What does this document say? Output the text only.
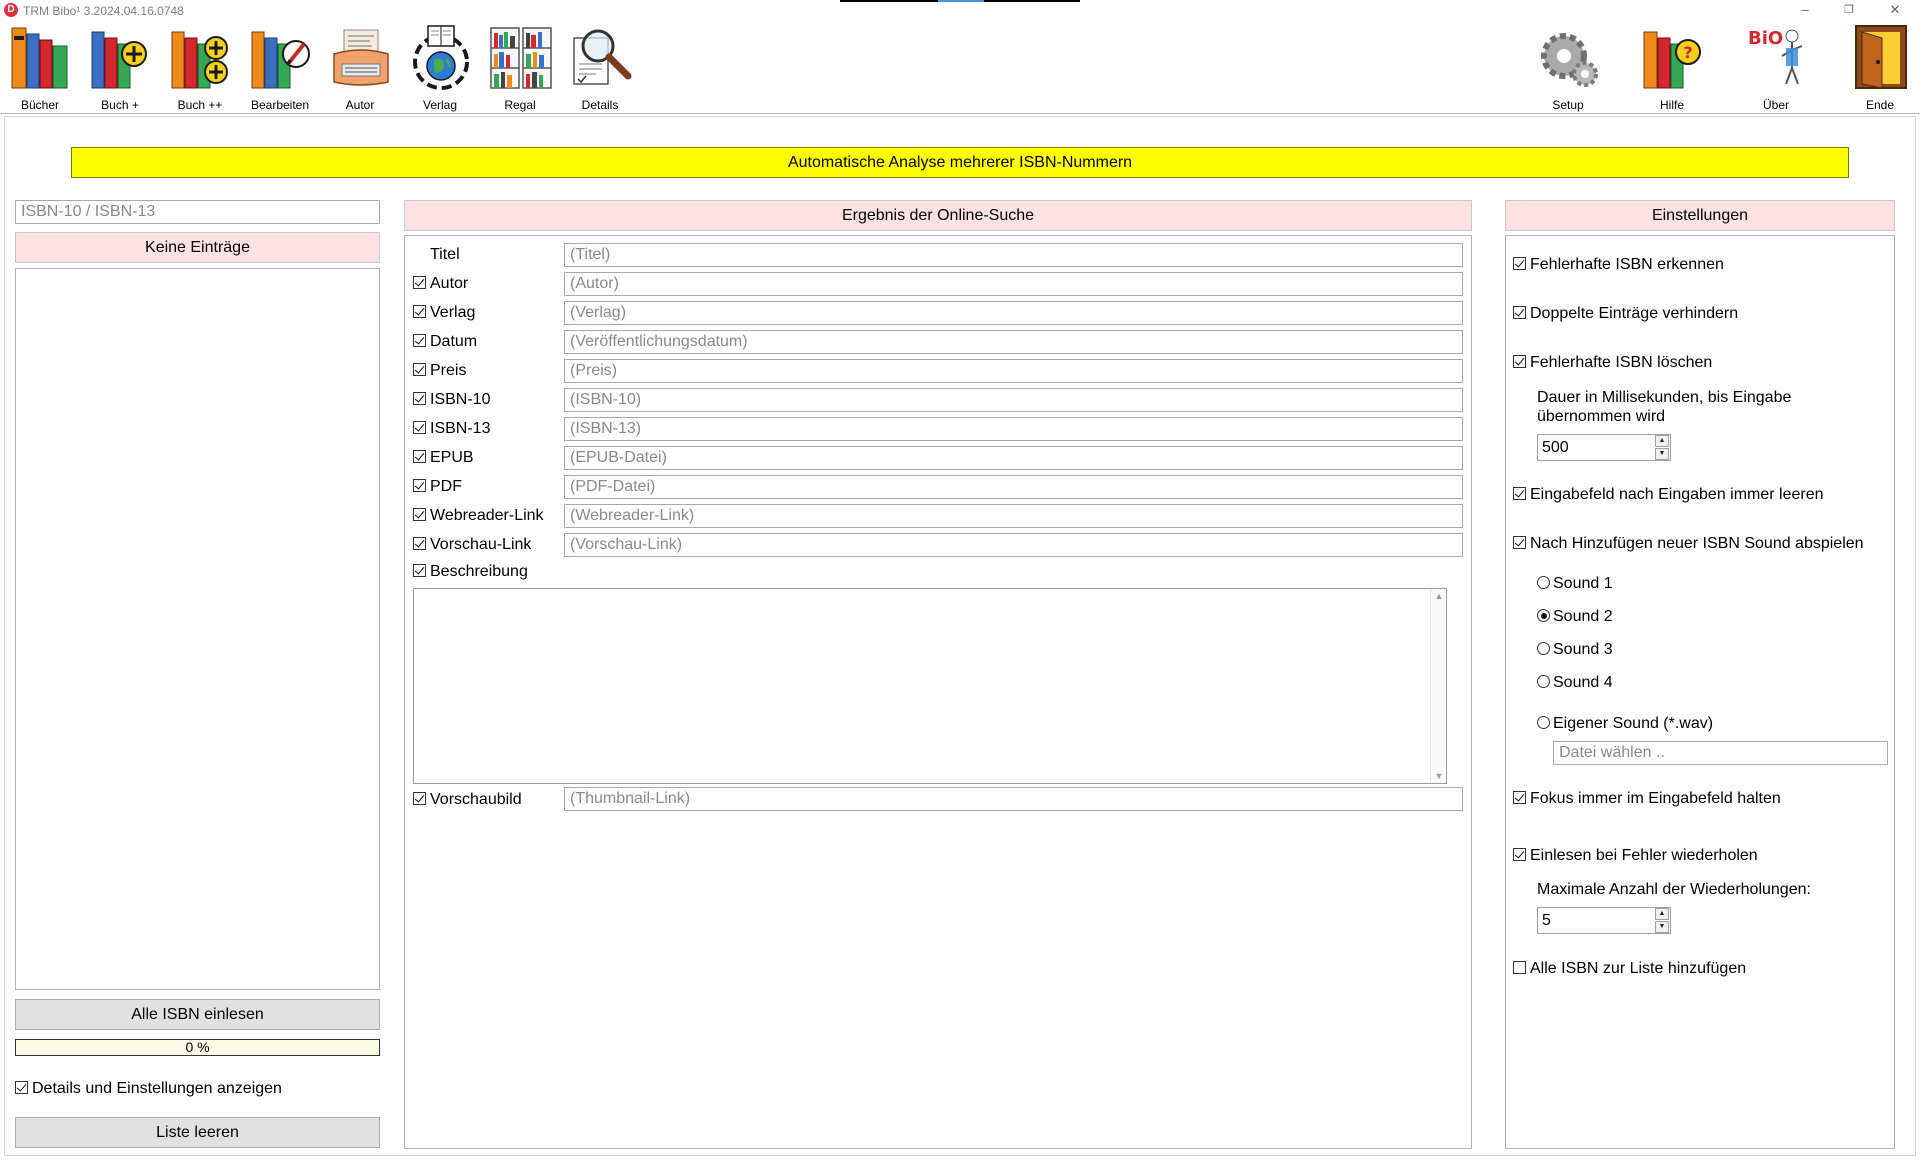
D TRM Bibo¹ 3.2024.04.16.0748	–	❐	✕
Bücher	Buch +	Buch ++	Bearbeiten	Autor	Verlag	Regal	Details	Setup
?
Hilfe
BiO
Über	Ende
Automatische Analyse mehrerer ISBN-Nummern
ISBN-10 / ISBN-13
Keine Einträge
Alle ISBN einlesen
0 %
Details und Einstellungen anzeigen
Liste leeren
Ergebnis der Online-Suche
Titel	(Titel)
Autor	(Autor)
Verlag	(Verlag)
Datum	(Veröffentlichungsdatum)
Preis	(Preis)
ISBN-10	(ISBN-10)
ISBN-13	(ISBN-13)
EPUB	(EPUB-Datei)
PDF	(PDF-Datei)
Webreader-Link	(Webreader-Link)
Vorschau-Link	(Vorschau-Link)
Beschreibung
▲
▼
Vorschaubild	(Thumbnail-Link)
Einstellungen
Fehlerhafte ISBN erkennen
Doppelte Einträge verhindern
Fehlerhafte ISBN löschen
Dauer in Millisekunden, bis Eingabe übernommen wird
500	▲
▼
Eingabefeld nach Eingaben immer leeren
Nach Hinzufügen neuer ISBN Sound abspielen
Sound 1
Sound 2
Sound 3
Sound 4
Eigener Sound (*.wav)
Datei wählen ..
Fokus immer im Eingabefeld halten
Einlesen bei Fehler wiederholen
Maximale Anzahl der Wiederholungen:
5	▲
▼
Alle ISBN zur Liste hinzufügen
